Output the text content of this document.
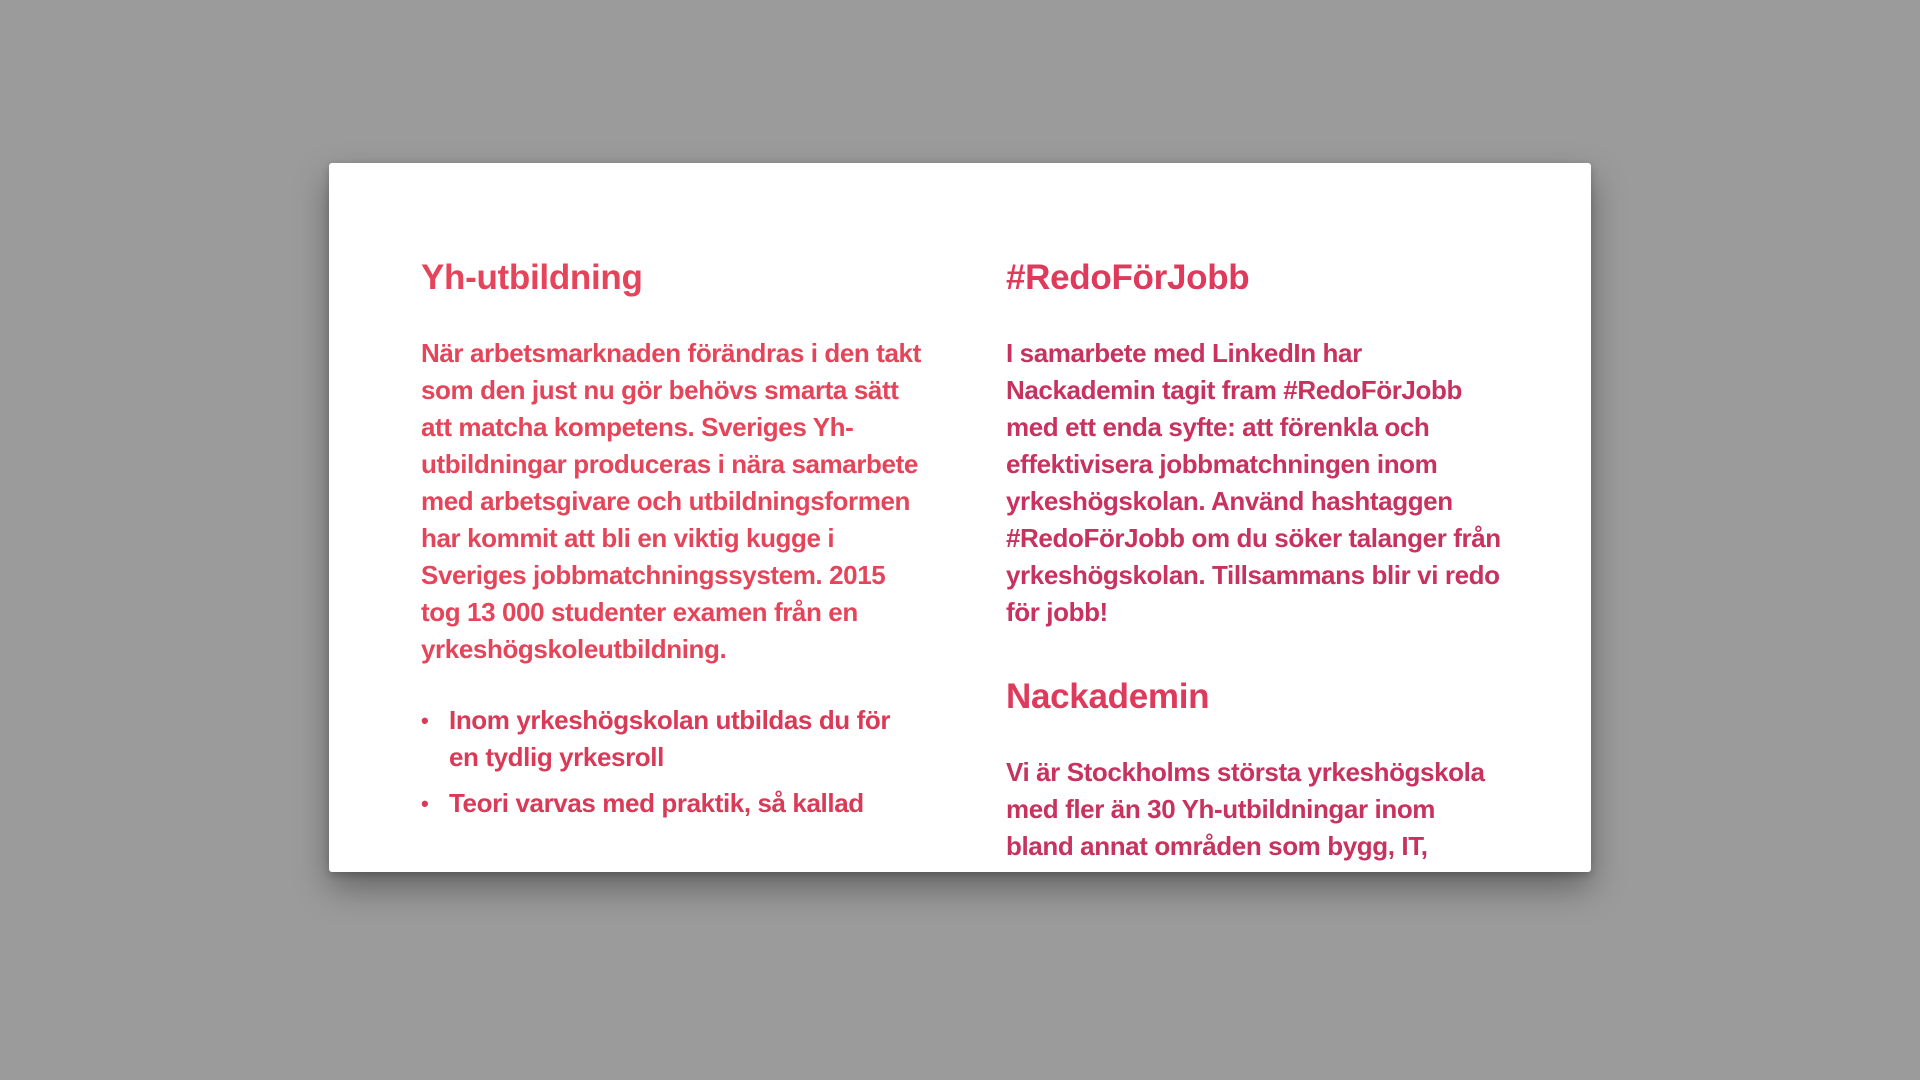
Yh-utbildning

När arbetsmarknaden förändras i den takt som den just nu gör behövs smarta sätt att matcha kompetens. Sveriges Yh-utbildningar produceras i nära samarbete med arbetsgivare och utbildningsformen har kommit att bli en viktig kugge i Sveriges jobbmatchningssystem. 2015 tog 13 000 studenter examen från en yrkeshögskoleutbildning.

• Inom yrkeshögskolan utbildas du för en tydlig yrkesroll
• Teori varvas med praktik, så kallad
#RedoFörJobb

I samarbete med LinkedIn har Nackademin tagit fram #RedoFörJobb med ett enda syfte: att förenkla och effektivisera jobbmatchningen inom yrkeshögskolan. Använd hashtaggen #RedoFörJobb om du söker talanger från yrkeshögskolan. Tillsammans blir vi redo för jobb!

Nackademin

Vi är Stockholms största yrkeshögskola med fler än 30 Yh-utbildningar inom bland annat områden som bygg, IT,
